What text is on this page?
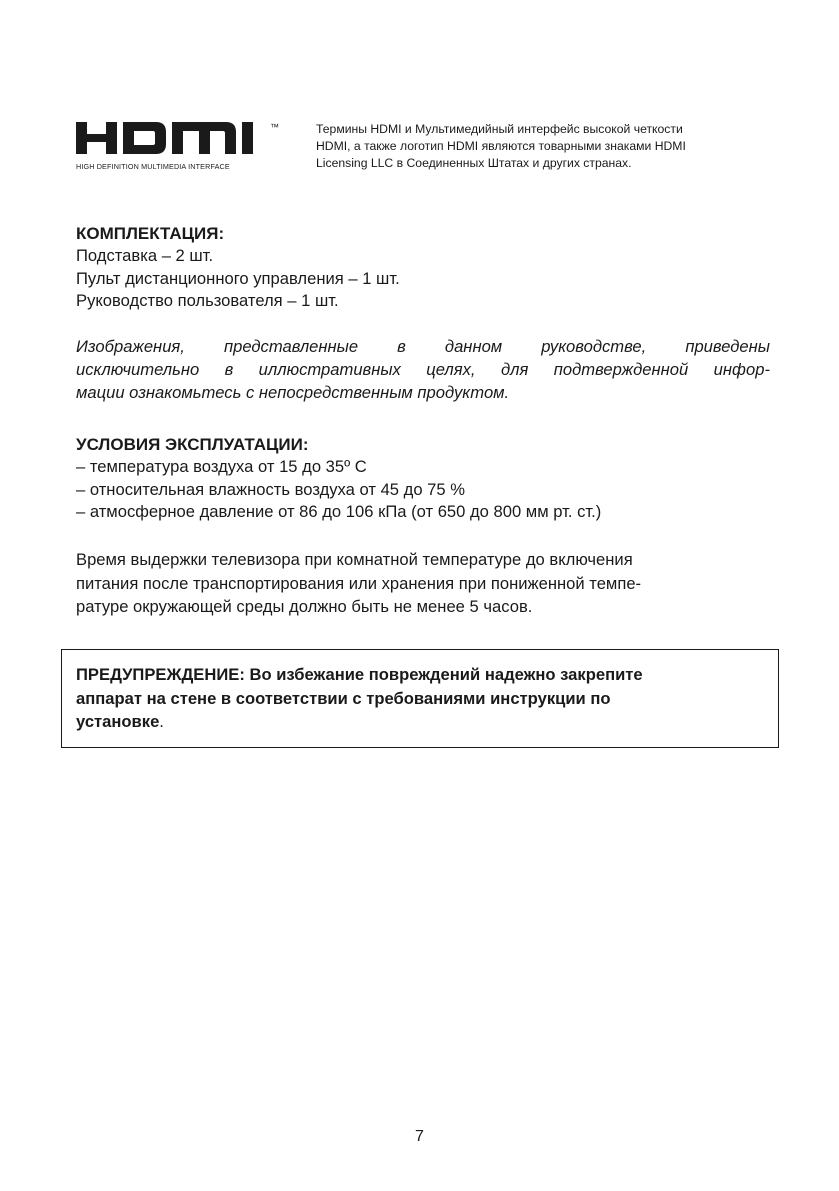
™
HIGH DEFINITION MULTIMEDIA INTERFACE
Термины HDMI и Мультимедийный интерфейс высокой четкости
HDMI, а также логотип HDMI являются товарными знаками HDMI
Licensing LLC в Соединенных Штатах и других странах.
КОМПЛЕКТАЦИЯ:
Подставка – 2 шт.
Пульт дистанционного управления – 1 шт.
Руководство пользователя – 1 шт.
Изображения, представленные в данном руководстве, приведены
исключительно в иллюстративных целях, для подтвержденной инфор-
мации ознакомьтесь с непосредственным продуктом.
УСЛОВИЯ ЭКСПЛУАТАЦИИ:
– температура воздуха от 15 до 35º С
– относительная влажность воздуха от 45 до 75 %
– атмосферное давление от 86 до 106 кПа (от 650 до 800 мм рт. ст.)
Время выдержки телевизора при комнатной температуре до включения
питания после транспортирования или хранения при пониженной темпе-
ратуре окружающей среды должно быть не менее 5 часов.
ПРЕДУПРЕЖДЕНИЕ: Во избежание повреждений надежно закрепите
аппарат на стене в соответствии с требованиями инструкции по
установке.
7
